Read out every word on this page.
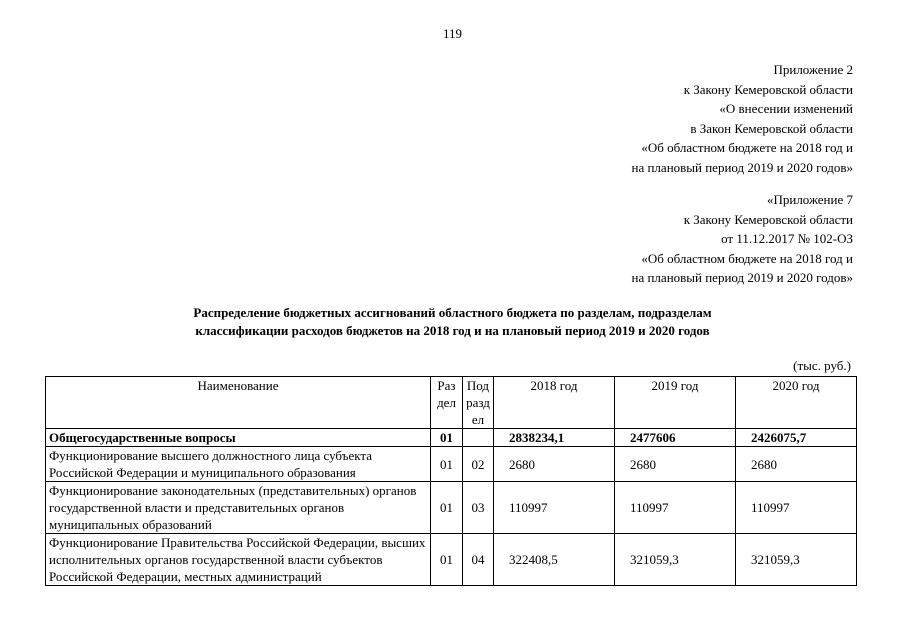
119
Приложение 2
к Закону Кемеровской области
«О внесении изменений
в Закон Кемеровской области
«Об областном бюджете на 2018 год и
на плановый период 2019 и 2020 годов»
«Приложение 7
к Закону Кемеровской области
от 11.12.2017 № 102-ОЗ
«Об областном бюджете на 2018 год и
на плановый период 2019 и 2020 годов»
Распределение бюджетных ассигнований областного бюджета по разделам, подразделам
классификации расходов бюджетов на 2018 год и на плановый период 2019 и 2020 годов
(тыс. руб.)
Наименование	Раз дел	Под разд ел	2018 год	2019 год	2020 год
Общегосударственные вопросы	01		2838234,1	2477606	2426075,7
Функционирование высшего должностного лица субъекта Российской Федерации и муниципального образования	01	02	2680	2680	2680
Функционирование законодательных (представительных) органов государственной власти и представительных органов муниципальных образований	01	03	110997	110997	110997
Функционирование Правительства Российской Федерации, высших исполнительных органов государственной власти субъектов Российской Федерации, местных администраций	01	04	322408,5	321059,3	321059,3
